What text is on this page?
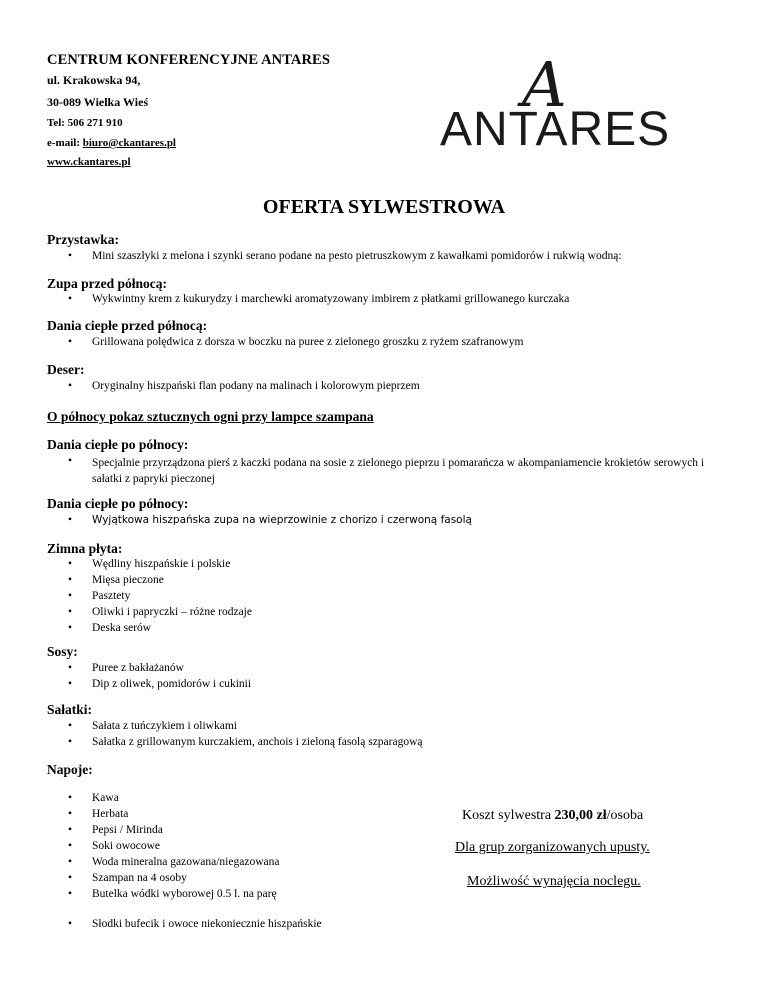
CENTRUM KONFERENCYJNE ANTARES
ul. Krakowska 94,
30-089 Wielka Wieś
Tel: 506 271 910
e-mail: biuro@ckantares.pl
www.ckantares.pl
A
ANTARES
OFERTA SYLWESTROWA
Przystawka:
• Mini szaszłyki z melona i szynki serano podane na pesto pietruszkowym z kawałkami pomidorów i rukwią wodną:
Zupa przed północą:
• Wykwintny krem z kukurydzy i marchewki aromatyzowany imbirem z płatkami grillowanego kurczaka
Dania ciepłe przed północą:
• Grillowana polędwica z dorsza w boczku na puree z zielonego groszku z ryżem szafranowym
Deser:
• Oryginalny hiszpański flan podany na malinach i kolorowym pieprzem
O północy pokaz sztucznych ogni przy lampce szampana
Dania ciepłe po północy:
• Specjalnie przyrządzona pierś z kaczki podana na sosie z zielonego pieprzu i pomarańcza w akompaniamencie krokietów serowych i sałatki z papryki pieczonej
Dania ciepłe po północy:
• Wyjątkowa hiszpańska zupa na wieprzowinie z chorizo i czerwoną fasolą
Zimna płyta:
• Wędliny hiszpańskie i polskie
• Mięsa pieczone
• Pasztety
• Oliwki i papryczki – różne rodzaje
• Deska serów
Sosy:
• Puree z bakłażanów
• Dip z oliwek, pomidorów i cukinii
Sałatki:
• Sałata z tuńczykiem i oliwkami
• Sałatka z grillowanym kurczakiem, anchois i zieloną fasolą szparagową
Napoje:
• Kawa
• Herbata
• Pepsi / Mirinda
• Soki owocowe
• Woda mineralna gazowana/niegazowana
• Szampan na 4 osoby
• Butelka wódki wyborowej 0.5 l. na parę
• Słodki bufecik i owoce niekoniecznie hiszpańskie
Koszt sylwestra 230,00 zł/osoba
Dla grup zorganizowanych upusty.
Możliwość wynajęcia noclegu.
